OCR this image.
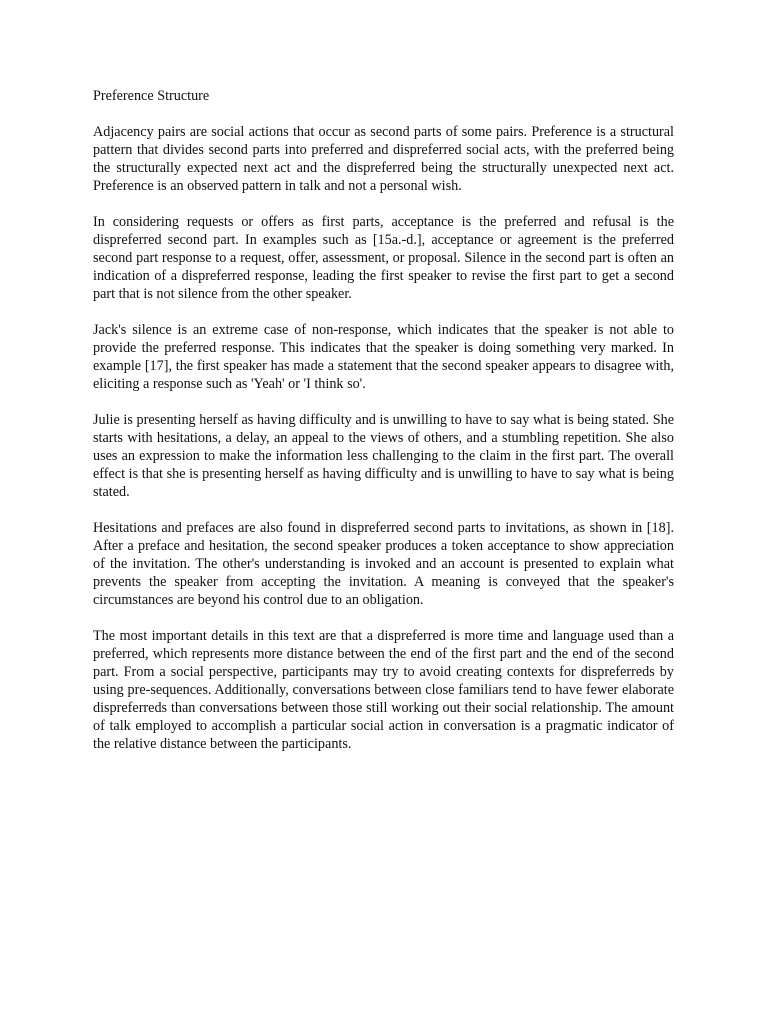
Preference Structure

Adjacency pairs are social actions that occur as second parts of some pairs. Preference is a structural pattern that divides second parts into preferred and dispreferred social acts, with the preferred being the structurally expected next act and the dispreferred being the structurally unexpected next act. Preference is an observed pattern in talk and not a personal wish.

In considering requests or offers as first parts, acceptance is the preferred and refusal is the dispreferred second part. In examples such as [15a.-d.], acceptance or agreement is the preferred second part response to a request, offer, assessment, or proposal. Silence in the second part is often an indication of a dispreferred response, leading the first speaker to revise the first part to get a second part that is not silence from the other speaker.

Jack's silence is an extreme case of non-response, which indicates that the speaker is not able to provide the preferred response. This indicates that the speaker is doing something very marked. In example [17], the first speaker has made a statement that the second speaker appears to disagree with, eliciting a response such as 'Yeah' or 'I think so'.

Julie is presenting herself as having difficulty and is unwilling to have to say what is being stated. She starts with hesitations, a delay, an appeal to the views of others, and a stumbling repetition. She also uses an expression to make the information less challenging to the claim in the first part. The overall effect is that she is presenting herself as having difficulty and is unwilling to have to say what is being stated.

Hesitations and prefaces are also found in dispreferred second parts to invitations, as shown in [18]. After a preface and hesitation, the second speaker produces a token acceptance to show appreciation of the invitation. The other's understanding is invoked and an account is presented to explain what prevents the speaker from accepting the invitation. A meaning is conveyed that the speaker's circumstances are beyond his control due to an obligation.

The most important details in this text are that a dispreferred is more time and language used than a preferred, which represents more distance between the end of the first part and the end of the second part. From a social perspective, participants may try to avoid creating contexts for dispreferreds by using pre-sequences. Additionally, conversations between close familiars tend to have fewer elaborate dispreferreds than conversations between those still working out their social relationship. The amount of talk employed to accomplish a particular social action in conversation is a pragmatic indicator of the relative distance between the participants.
